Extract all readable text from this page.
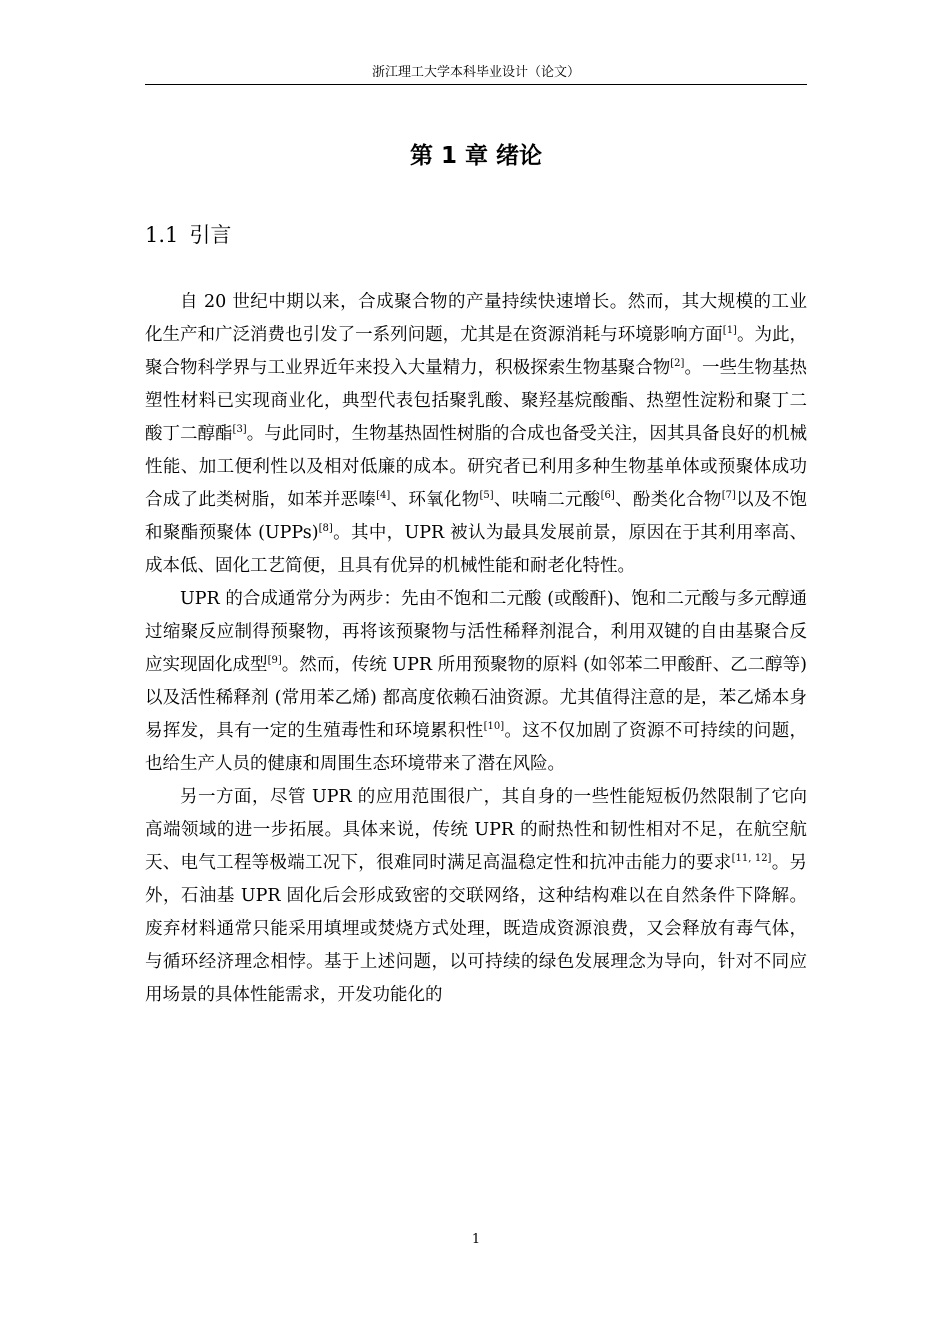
浙江理工大学本科毕业设计（论文）
第 1 章 绪论
1.1 引言

自 20 世纪中期以来，合成聚合物的产量持续快速增长。然而，其大规模的工业化生产和广泛消费也引发了一系列问题，尤其是在资源消耗与环境影响方面[1]。为此，聚合物科学界与工业界近年来投入大量精力，积极探索生物基聚合物[2]。一些生物基热塑性材料已实现商业化，典型代表包括聚乳酸、聚羟基烷酸酯、热塑性淀粉和聚丁二酸丁二醇酯[3]。与此同时，生物基热固性树脂的合成也备受关注，因其具备良好的机械性能、加工便利性以及相对低廉的成本。研究者已利用多种生物基单体或预聚体成功合成了此类树脂，如苯并恶嗪[4]、环氧化物[5]、呋喃二元酸[6]、酚类化合物[7]以及不饱和聚酯预聚体 (UPPs)[8]。其中，UPR 被认为最具发展前景，原因在于其利用率高、成本低、固化工艺简便，且具有优异的机械性能和耐老化特性。

UPR 的合成通常分为两步：先由不饱和二元酸 (或酸酐)、饱和二元酸与多元醇通过缩聚反应制得预聚物，再将该预聚物与活性稀释剂混合，利用双键的自由基聚合反应实现固化成型[9]。然而，传统 UPR 所用预聚物的原料 (如邻苯二甲酸酐、乙二醇等) 以及活性稀释剂 (常用苯乙烯) 都高度依赖石油资源。尤其值得注意的是，苯乙烯本身易挥发，具有一定的生殖毒性和环境累积性[10]。这不仅加剧了资源不可持续的问题，也给生产人员的健康和周围生态环境带来了潜在风险。

另一方面，尽管 UPR 的应用范围很广，其自身的一些性能短板仍然限制了它向高端领域的进一步拓展。具体来说，传统 UPR 的耐热性和韧性相对不足，在航空航天、电气工程等极端工况下，很难同时满足高温稳定性和抗冲击能力的要求[11, 12]。另外，石油基 UPR 固化后会形成致密的交联网络，这种结构难以在自然条件下降解。废弃材料通常只能采用填埋或焚烧方式处理，既造成资源浪费，又会释放有毒气体，与循环经济理念相悖。基于上述问题，以可持续的绿色发展理念为导向，针对不同应用场景的具体性能需求，开发功能化的

1
